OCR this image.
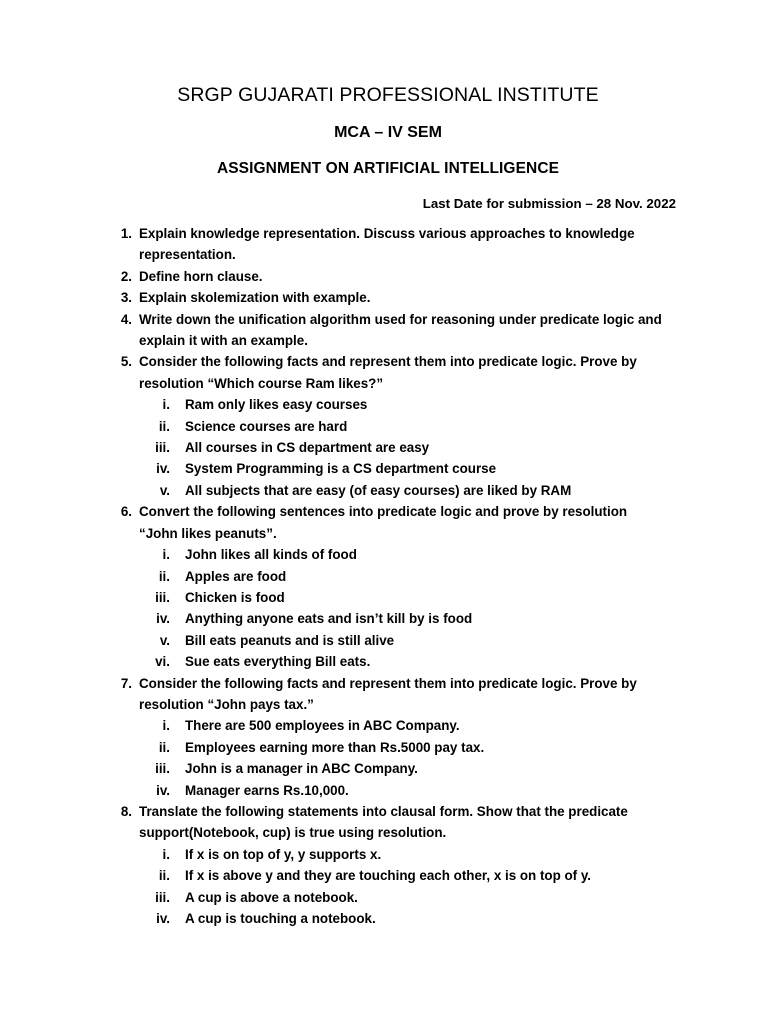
SRGP GUJARATI PROFESSIONAL INSTITUTE
MCA – IV SEM
ASSIGNMENT ON ARTIFICIAL INTELLIGENCE

Last Date for submission – 28 Nov. 2022

Explain knowledge representation. Discuss various approaches to knowledge representation.
1.
Define horn clause.
2.
Explain skolemization with example.
3.
Write down the unification algorithm used for reasoning under predicate logic and explain it with an example.
4.
Consider the following facts and represent them into predicate logic. Prove by resolution “Which course Ram likes?”
5.
Ram only likes easy courses
i.
Science courses are hard
ii.
All courses in CS department are easy
iii.
System Programming is a CS department course
iv.
All subjects that are easy (of easy courses) are liked by RAM
v.
Convert the following sentences into predicate logic and prove by resolution “John likes peanuts”.
6.
John likes all kinds of food
i.
Apples are food
ii.
Chicken is food
iii.
Anything anyone eats and isn’t kill by is food
iv.
Bill eats peanuts and is still alive
v.
Sue eats everything Bill eats.
vi.
Consider the following facts and represent them into predicate logic. Prove by resolution “John pays tax.”
7.
There are 500 employees in ABC Company.
i.
Employees earning more than Rs.5000 pay tax.
ii.
John is a manager in ABC Company.
iii.
Manager earns Rs.10,000.
iv.
Translate the following statements into clausal form. Show that the predicate support(Notebook, cup) is true using resolution.
8.
If x is on top of y, y supports x.
i.
If x is above y and they are touching each other, x is on top of y.
ii.
A cup is above a notebook.
iii.
A cup is touching a notebook.
iv.
